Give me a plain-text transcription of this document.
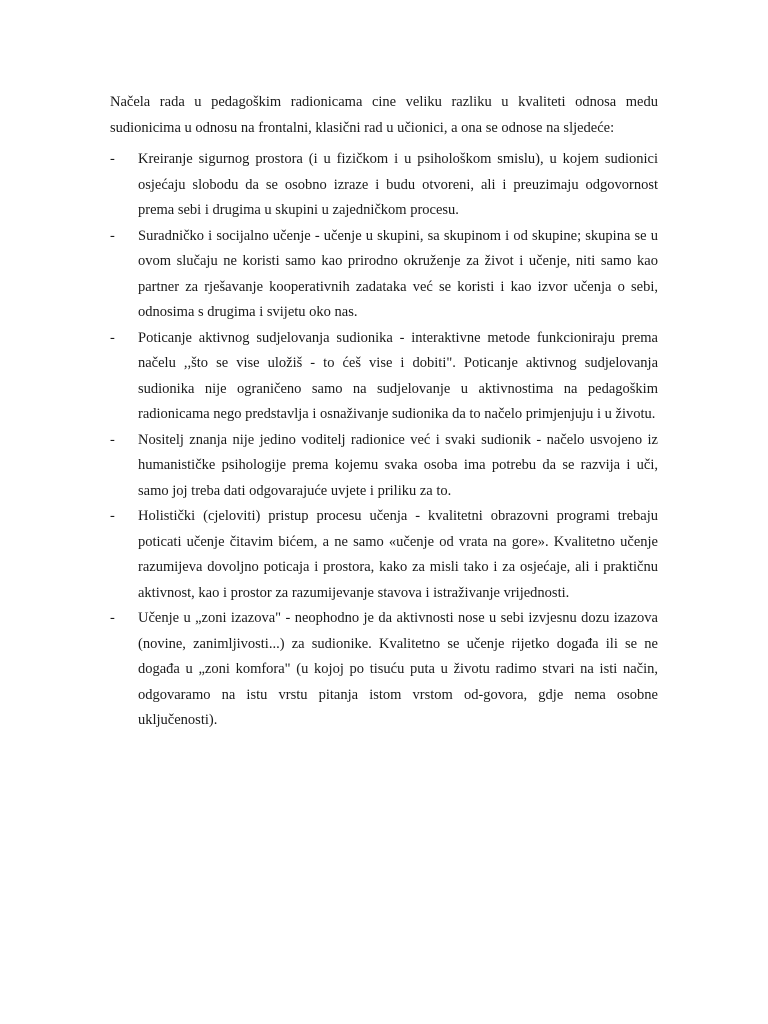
Načela rada u pedagoškim radionicama cine veliku razliku u kvaliteti odnosa medu sudionicima u odnosu na frontalni, klasični rad u učionici, a ona se odnose na sljedeće:

- Kreiranje sigurnog prostora (i u fizičkom i u psihološkom smislu), u kojem sudionici osjećaju slobodu da se osobno izraze i budu otvoreni, ali i preuzimaju odgovornost prema sebi i drugima u skupini u zajedničkom procesu.
- Suradničko i socijalno učenje - učenje u skupini, sa skupinom i od skupine; skupina se u ovom slučaju ne koristi samo kao prirodno okruženje za život i učenje, niti samo kao partner za rješavanje kooperativnih zadataka već se koristi i kao izvor učenja o sebi, odnosima s drugima i svijetu oko nas.
- Poticanje aktivnog sudjelovanja sudionika - interaktivne metode funkcioniraju prema načelu ,,što se vise uložiš - to ćeš vise i dobiti". Poticanje aktivnog sudjelovanja sudionika nije ograničeno samo na sudjelovanje u aktivnostima na pedagoškim radionicama nego predstavlja i osnaživanje sudionika da to načelo primjenjuju i u životu.
- Nositelj znanja nije jedino voditelj radionice već i svaki sudionik - načelo usvojeno iz humanističke psihologije prema kojemu svaka osoba ima potrebu da se razvija i uči, samo joj treba dati odgovarajuće uvjete i priliku za to.
- Holistički (cjeloviti) pristup procesu učenja - kvalitetni obrazovni programi trebaju poticati učenje čitavim bićem, a ne samo «učenje od vrata na gore». Kvalitetno učenje razumijeva dovoljno poticaja i prostora, kako za misli tako i za osjećaje, ali i praktičnu aktivnost, kao i prostor za razumijevanje stavova i istraživanje vrijednosti.
- Učenje u „zoni izazova" - neophodno je da aktivnosti nose u sebi izvjesnu dozu izazova (novine, zanimljivosti...) za sudionike. Kvalitetno se učenje rijetko događa ili se ne događa u „zoni komfora" (u kojoj po tisuću puta u životu radimo stvari na isti način, odgovaramo na istu vrstu pitanja istom vrstom od-govora, gdje nema osobne uključenosti).
